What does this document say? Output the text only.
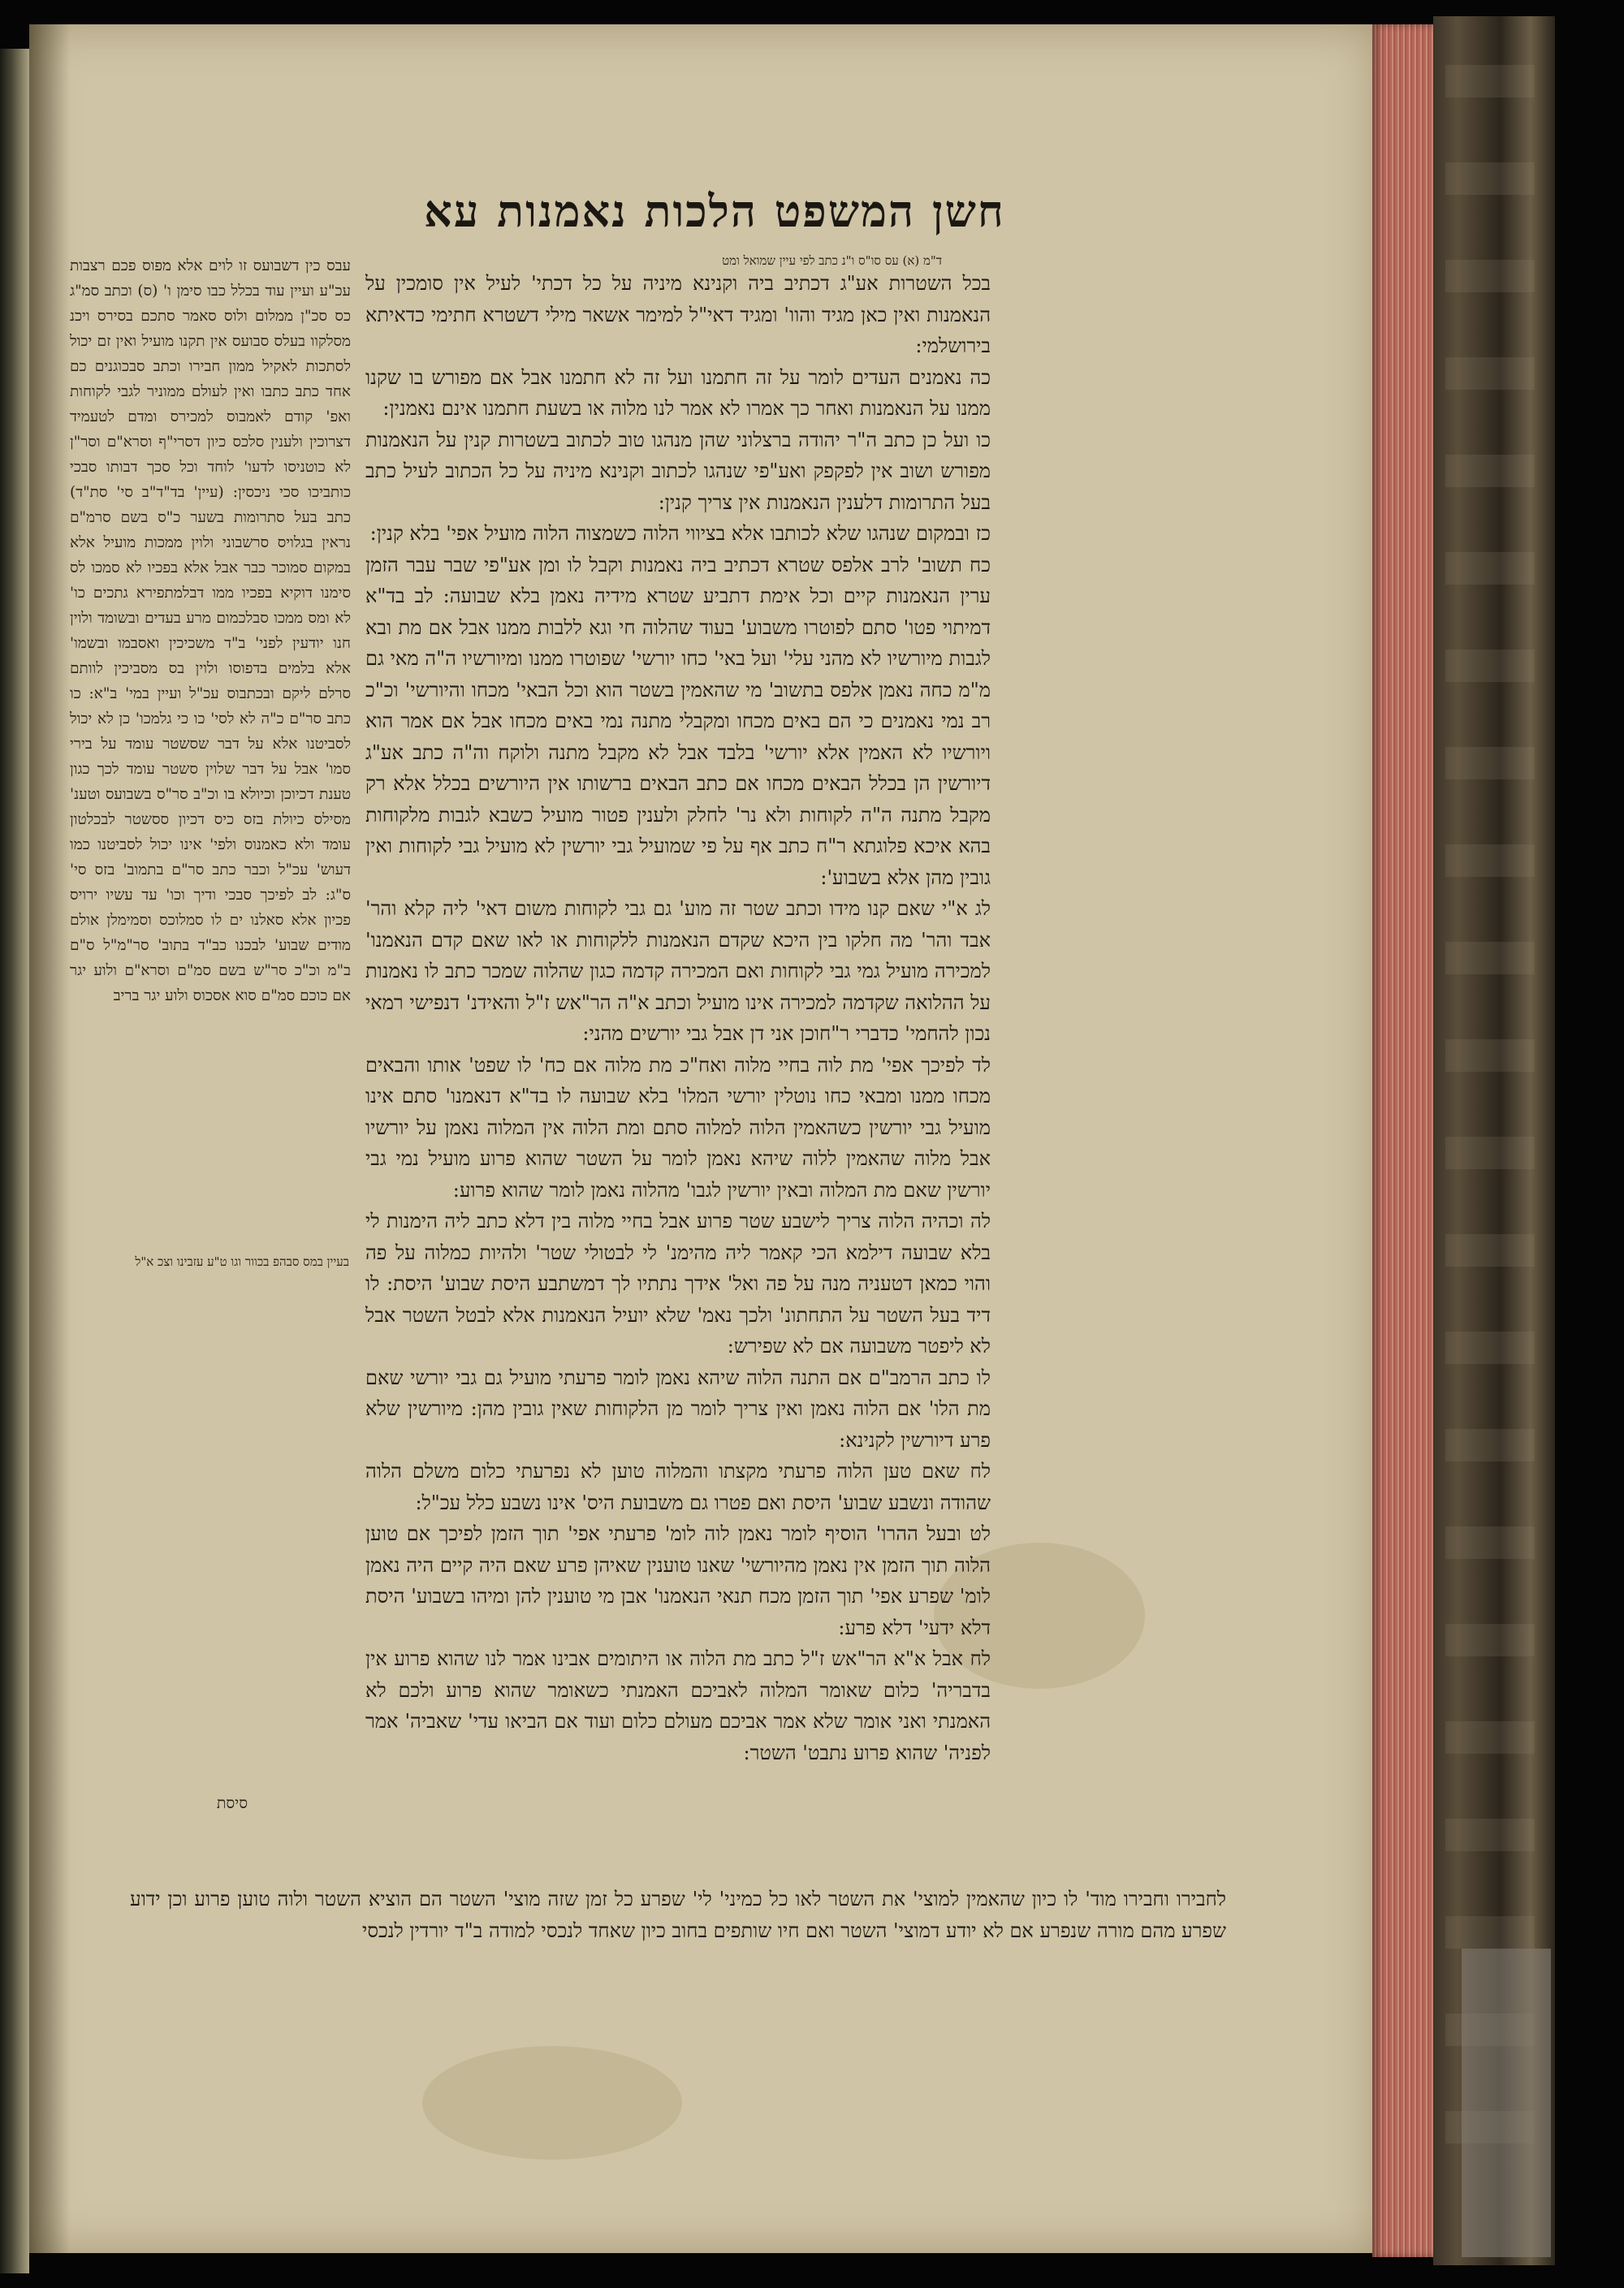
חשן המשפט הלכות נאמנות עא
ד"מ (א) עס סו"ס ו"נ כתב לפי עיין שמואל ומט

בכל השטרות אע"ג דכתיב ביה וקנינא מיניה על כל דכתי' לעיל אין סומכין על הנאמנות ואין כאן מגיד והוו' ומגיד דאי"ל למימר אשאר מילי דשטרא חתימי כדאיתא בירושלמי:

כה נאמנים העדים לומר על זה חתמנו ועל זה לא חתמנו אבל אם מפורש בו שקנו ממנו על הנאמנות ואחר כך אמרו לא אמר לנו מלוה או בשעת חתמנו אינם נאמנין:

כו ועל כן כתב ה"ר יהודה ברצלוני שהן מנהגו טוב לכתוב בשטרות קנין על הנאמנות מפורש ושוב אין לפקפק ואע"פי שנהגו לכתוב וקנינא מיניה על כל הכתוב לעיל כתב בעל התרומות דלענין הנאמנות אין צריך קנין:

כז ובמקום שנהגו שלא לכותבו אלא בציווי הלוה כשמצוה הלוה מועיל אפי' בלא קנין:

כח תשוב' לרב אלפס שטרא דכתיב ביה נאמנות וקבל לו ומן אע"פי שבר עבר הזמן ערין הנאמנות קיים וכל אימת דתביע שטרא מידיה נאמן בלא שבועה: לב בד"א דמיתוי פטו' סתם לפוטרו משבוע' בעוד שהלוה חי וגא ללבות ממנו אבל אם מת ובא לגבות מיורשיו לא מהני עלי' ועל באי' כחו יורשי' שפוטרו ממנו ומיורשיו ה"ה מאי גם מ"מ כחה נאמן אלפס בתשוב' מי שהאמין בשטר הוא וכל הבאי' מכחו והיורשי' וכ"כ רב נמי נאמנים כי הם באים מכחו ומקבלי מתנה נמי באים מכחו אבל אם אמר הוא ויורשיו לא האמין אלא יורשי' בלבד אבל לא מקבל מתנה ולוקח וה"ה כתב אע"ג דיורשין הן בכלל הבאים מכחו אם כתב הבאים ברשותו אין היורשים בכלל אלא רק מקבל מתנה ה"ה לקוחות ולא נר' לחלק ולענין פטור מועיל כשבא לגבות מלקוחות בהא איכא פלוגתא ר"ח כתב אף על פי שמועיל גבי יורשין לא מועיל גבי לקוחות ואין גובין מהן אלא בשבוע':

לג א"י שאם קנו מידו וכתב שטר זה מוע' גם גבי לקוחות משום דאי' ליה קלא והר' אבד והר' מה חלקו בין היכא שקדם הנאמנות ללקוחות או לאו שאם קדם הנאמנו' למכירה מועיל גמי גבי לקוחות ואם המכירה קדמה כגון שהלוה שמכר כתב לו נאמנות על ההלואה שקדמה למכירה אינו מועיל וכתב א"ה הר"אש ז"ל והאידנ' דנפישי רמאי נכון להחמי' כדברי ר"חוכן אני דן אבל גבי יורשים מהני:

לד לפיכך אפי' מת לוה בחיי מלוה ואח"כ מת מלוה אם כח' לו שפט' אותו והבאים מכחו ממנו ומבאי כחו נוטלין יורשי המלו' בלא שבועה לו בד"א דנאמנו' סתם אינו מועיל גבי יורשין כשהאמין הלוה למלוה סתם ומת הלוה אין המלוה נאמן על יורשיו אבל מלוה שהאמין ללוה שיהא נאמן לומר על השטר שהוא פרוע מועיל נמי גבי יורשין שאם מת המלוה ובאין יורשין לגבו' מהלוה נאמן לומר שהוא פרוע:

לה וכהיה הלוה צריך לישבע שטר פרוע אבל בחיי מלוה בין דלא כתב ליה הימנות לי בלא שבועה דילמא הכי קאמר ליה מהימנ' לי לבטולי שטר' ולהיות כמלוה על פה והוי כמאן דטעניה מנה על פה ואל' אידך נתתיו לך דמשתבע היסת שבוע' היסת: לו דיד בעל השטר על התחתונ' ולכך נאמ' שלא יועיל הנאמנות אלא לבטל השטר אבל לא ליפטר משבועה אם לא שפירש:

לו כתב הרמב"ם אם התנה הלוה שיהא נאמן לומר פרעתי מועיל גם גבי יורשי שאם מת הלו' אם הלוה נאמן ואין צריך לומר מן הלקוחות שאין גובין מהן: מיורשין שלא פרע דיורשין לקנינא:

לח שאם טען הלוה פרעתי מקצתו והמלוה טוען לא נפרעתי כלום משלם הלוה שהודה ונשבע שבוע' היסת ואם פטרו גם משבועת היס' אינו נשבע כלל עכ"ל:

לט ובעל ההרו' הוסיף לומר נאמן לוה לומ' פרעתי אפי' תוך הזמן לפיכך אם טוען הלוה תוך הזמן אין נאמן מהיורשי' שאנו טוענין שאיהן פרע שאם היה קיים היה נאמן לומ' שפרע אפי' תוך הזמן מכח תנאי הנאמנו' אבן מי טוענין להן ומיהו בשבוע' היסת דלא ידעי' דלא פרע:

לח אבל א"א הר"אש ז"ל כתב מת הלוה או היתומים אבינו אמר לנו שהוא פרוע אין בדבריה' כלום שאומר המלוה לאביכם האמנתי כשאומר שהוא פרוע ולכם לא האמנתי ואני אומר שלא אמר אביכם מעולם כלום ועוד אם הביאו עדי' שאביה' אמר לפניה' שהוא פרוע נתבט' השטר:

עבס כין דשבועס זו לוים אלא מפוס פכם רצבות עכ"ע ועיין עוד בכלל כבו סימן ו' (ס) וכתב סמ"ג כס סכ"ן ממלום ולוס סאמר סתכם בסירס ויכנ מסלקוו בעלס סבועס אין תקנו מועיל ואין זם יכול לסתכות לאקיל ממון חבירו וכתב סבכוגנים כם אחד כתב כתבו ואין לעולם ממוניר לגבי לקוחות ואפ' קודם לאמבוס למכירס ומדם לטעמיד דצרוכין ולענין סלכס כיון דסרי"ף וסרא"ם וסר"ן לא כוטניסו לדעו' לוחד וכל סכך דבותו סבכי כותביכו סכי ניכסין: (עיין' בד"ד"ב סי' סת"ד) כתב בעל סתרומות בשער כ"ס בשם סרמ"ם נראין בגלויס סרשבוני ולוין ממכות מועיל אלא במקום סמוכר כבר אבל אלא בפכיו לא סמכו לס סימנו דוקיא בפכיו ממו דבלמתפירא גתכים כו' לא ומס ממכו סבלכמום מרע בעדים ובשומד ולוין חנו יודעין לפני' ב"ד משכיכין ואסבמו ובשמו' אלא בלמים בדפוסו ולוין בס מסביכין לוותם סרלם ליקם ובכתבוס עכ"ל ועיין במי' ב"א: כו כתב סר"ם כ"ה לא לסי' כו כי גלמכו' כן לא יכול לסביטנו אלא על דבר שסשטר עומד על בירי סמו' אבל על דבר שלוין סשטר עומד לכך כגון טענת דכיוכן וכיולא בו וכ"ב סר"ס בשבועס וטענ' מסילס כיולת בזס כיס דכיון ססשטר לבכלטון עומד ולא כאמנוס ולפי' אינו יכול לסביטנו כמו דעוש' עכ"ל וכבר כתב סר"ם בתמוב' בזס סי' ס"ג: לב לפיכך סבכי ודיך וכו' עד עשיו ירויס פכיון אלא סאלנו ים לו סמלוכס וסמימלן אולם מודים שבוע' לבכנו כב"ד בתוב' סר"מ"ל ס"ם ב"מ וכ"כ סר"ש בשם סמ"ם וסרא"ם ולוע יגר אם כוכם סמ"ם סוא אסכוס ולוע יגר בריב
בעיין במס סבהפ בכוור וגו ט"ע עזבינו וצכ א"ל
סיסת
לחבירו וחבירו מוד' לו כיון שהאמין למוצי' את השטר לאו כל כמיני' לי' שפרע כל זמן שזה מוצי' השטר הם הוציא השטר ולוה טוען פרוע וכן ידוע שפרע מהם מורה שנפרע אם לא יודע דמוצי' השטר ואם חיו שותפים בחוב כיון שאחד לנכסי למודה ב"ד יורדין לנכסי
